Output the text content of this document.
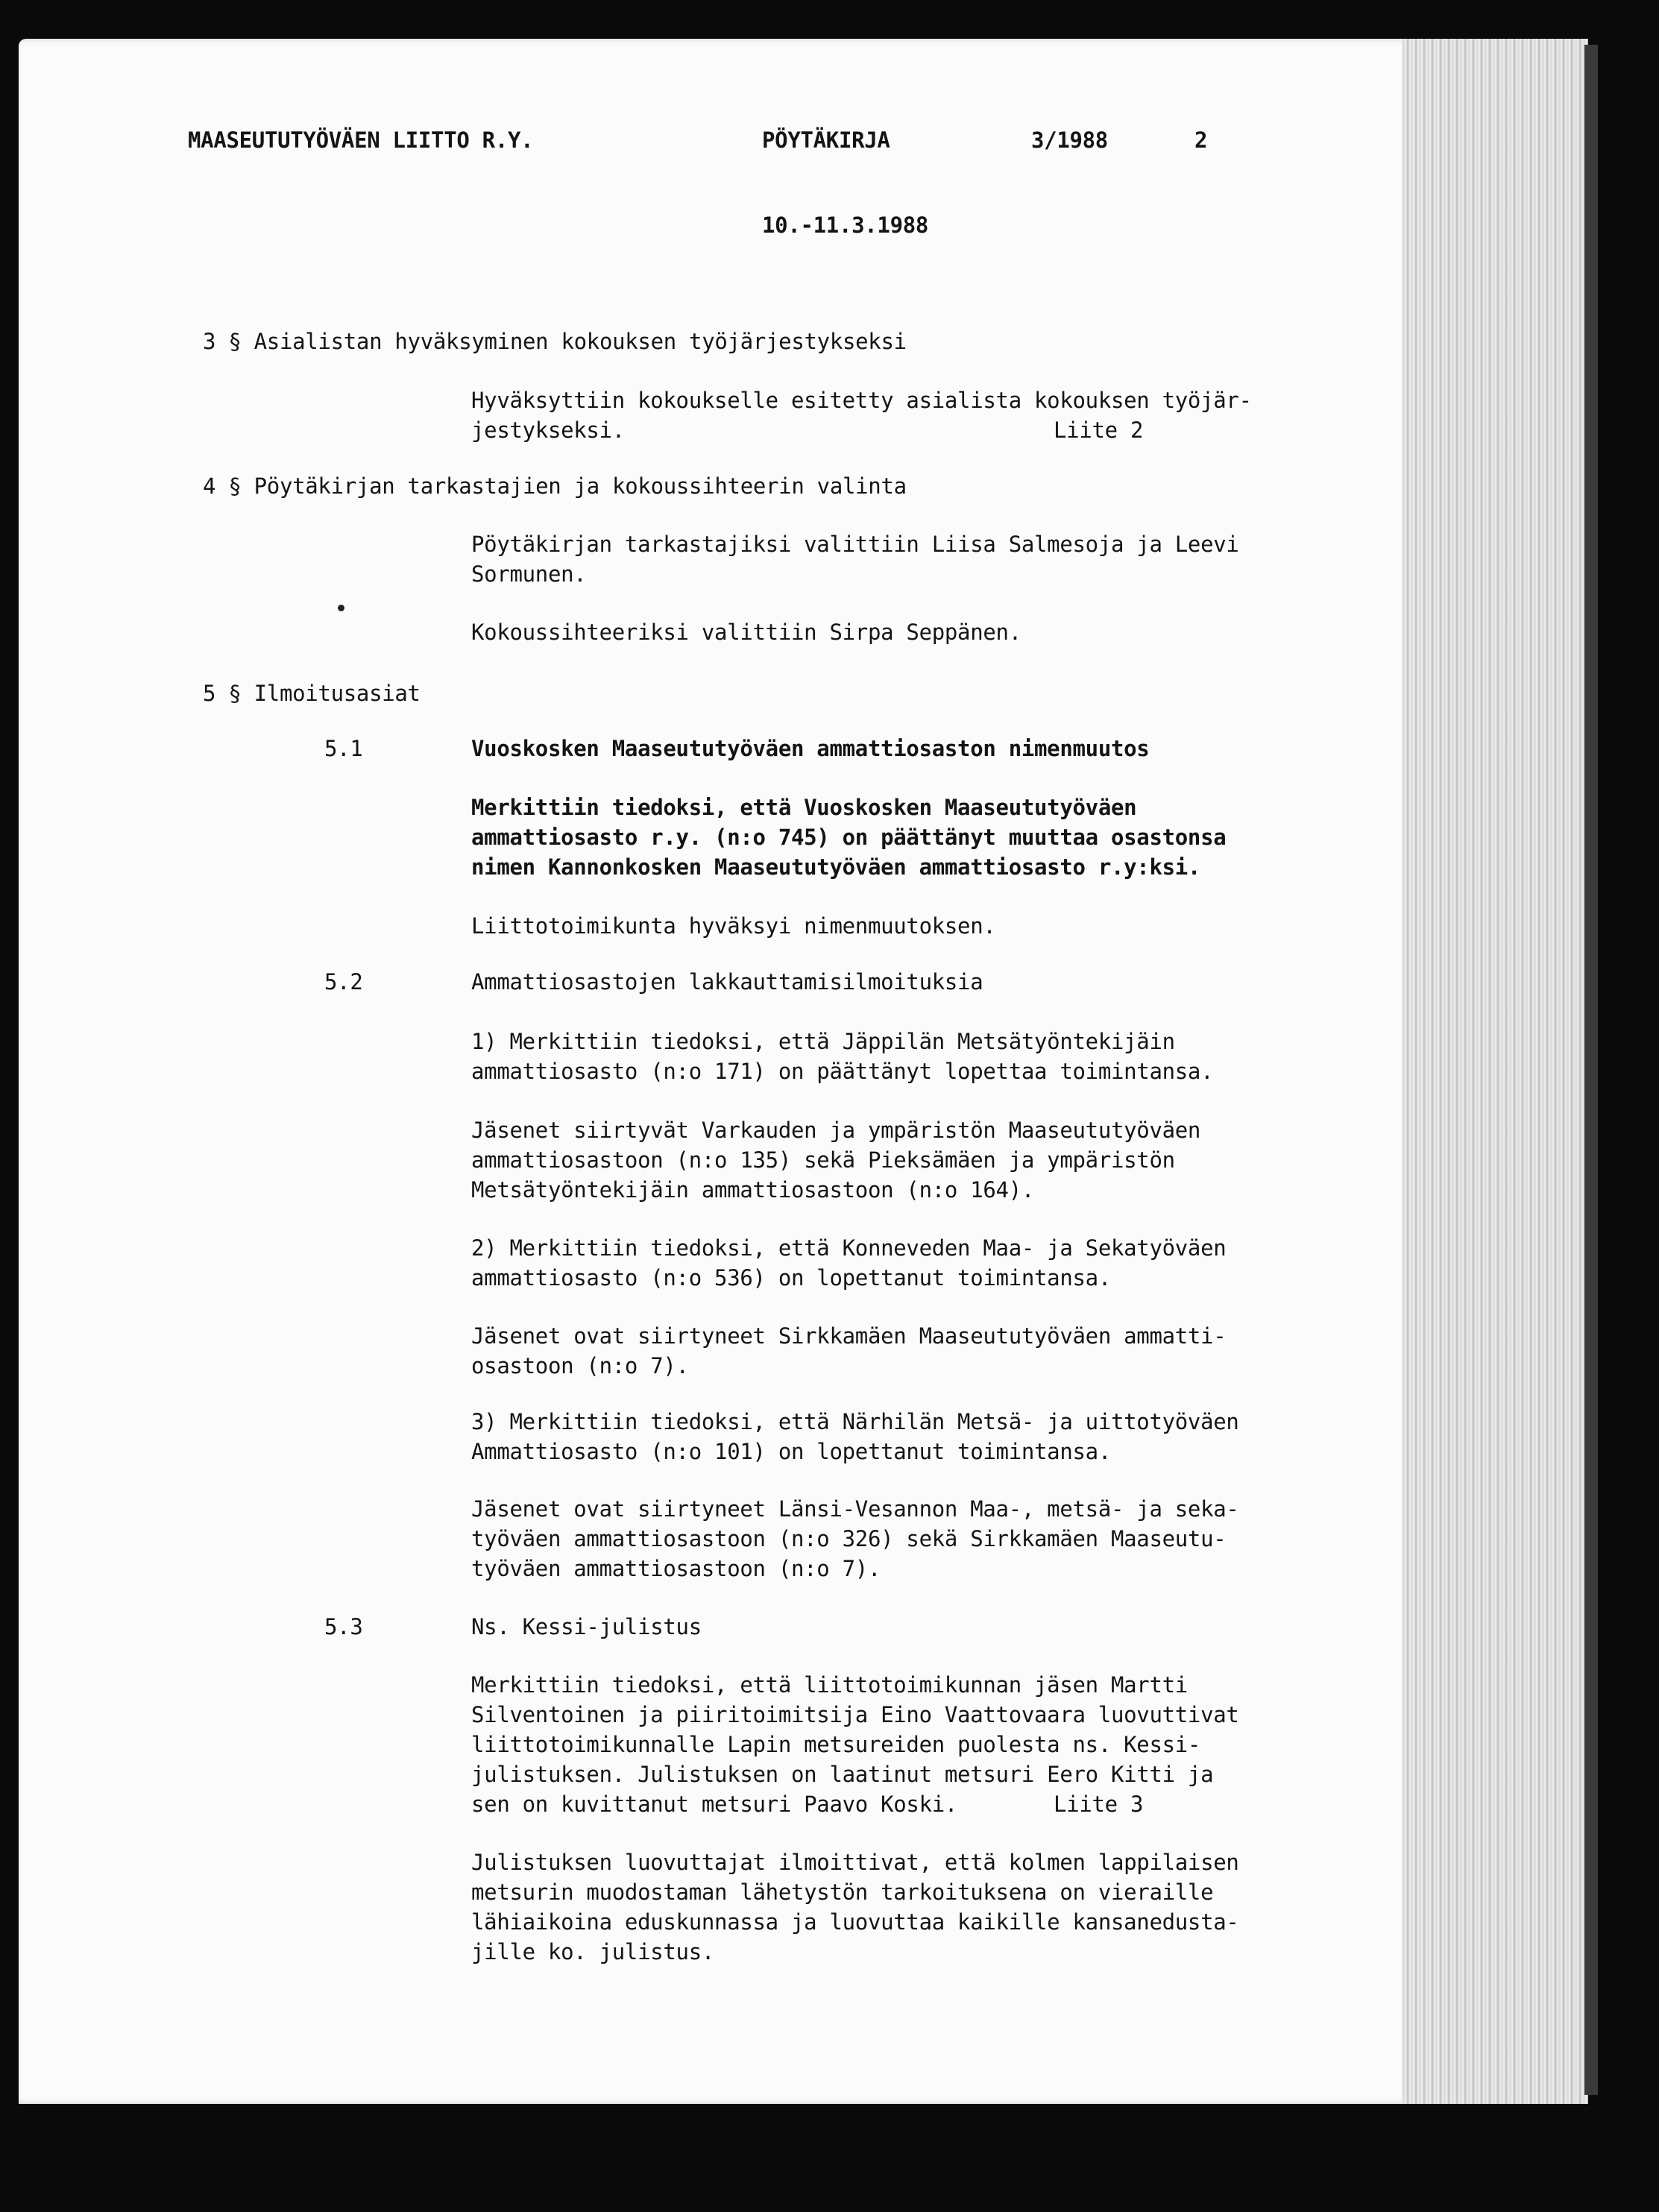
MAASEUTUTYÖVÄEN LIITTO R.Y.	PÖYTÄKIRJA	3/1988	2
10.-11.3.1988
3 § Asialistan hyväksyminen kokouksen työjärjestykseksi
Hyväksyttiin kokoukselle esitetty asialista kokouksen työjär-
jestykseksi.	Liite 2
4 § Pöytäkirjan tarkastajien ja kokoussihteerin valinta
Pöytäkirjan tarkastajiksi valittiin Liisa Salmesoja ja Leevi
Sormunen.
Kokoussihteeriksi valittiin Sirpa Seppänen.
5 § Ilmoitusasiat
5.1	Vuoskosken Maaseututyöväen ammattiosaston nimenmuutos
Merkittiin tiedoksi, että Vuoskosken Maaseututyöväen
ammattiosasto r.y. (n:o 745) on päättänyt muuttaa osastonsa
nimen Kannonkosken Maaseututyöväen ammattiosasto r.y:ksi.
Liittotoimikunta hyväksyi nimenmuutoksen.
5.2	Ammattiosastojen lakkauttamisilmoituksia
1) Merkittiin tiedoksi, että Jäppilän Metsätyöntekijäin
ammattiosasto (n:o 171) on päättänyt lopettaa toimintansa.
Jäsenet siirtyvät Varkauden ja ympäristön Maaseututyöväen
ammattiosastoon (n:o 135) sekä Pieksämäen ja ympäristön
Metsätyöntekijäin ammattiosastoon (n:o 164).
2) Merkittiin tiedoksi, että Konneveden Maa- ja Sekatyöväen
ammattiosasto (n:o 536) on lopettanut toimintansa.
Jäsenet ovat siirtyneet Sirkkamäen Maaseututyöväen ammatti-
osastoon (n:o 7).
3) Merkittiin tiedoksi, että Närhilän Metsä- ja uittotyöväen
Ammattiosasto (n:o 101) on lopettanut toimintansa.
Jäsenet ovat siirtyneet Länsi-Vesannon Maa-, metsä- ja seka-
työväen ammattiosastoon (n:o 326) sekä Sirkkamäen Maaseutu-
työväen ammattiosastoon (n:o 7).
5.3	Ns. Kessi-julistus
Merkittiin tiedoksi, että liittotoimikunnan jäsen Martti
Silventoinen ja piiritoimitsija Eino Vaattovaara luovuttivat
liittotoimikunnalle Lapin metsureiden puolesta ns. Kessi-
julistuksen. Julistuksen on laatinut metsuri Eero Kitti ja
sen on kuvittanut metsuri Paavo Koski.	Liite 3
Julistuksen luovuttajat ilmoittivat, että kolmen lappilaisen
metsurin muodostaman lähetystön tarkoituksena on vieraille
lähiaikoina eduskunnassa ja luovuttaa kaikille kansanedusta-
jille ko. julistus.
